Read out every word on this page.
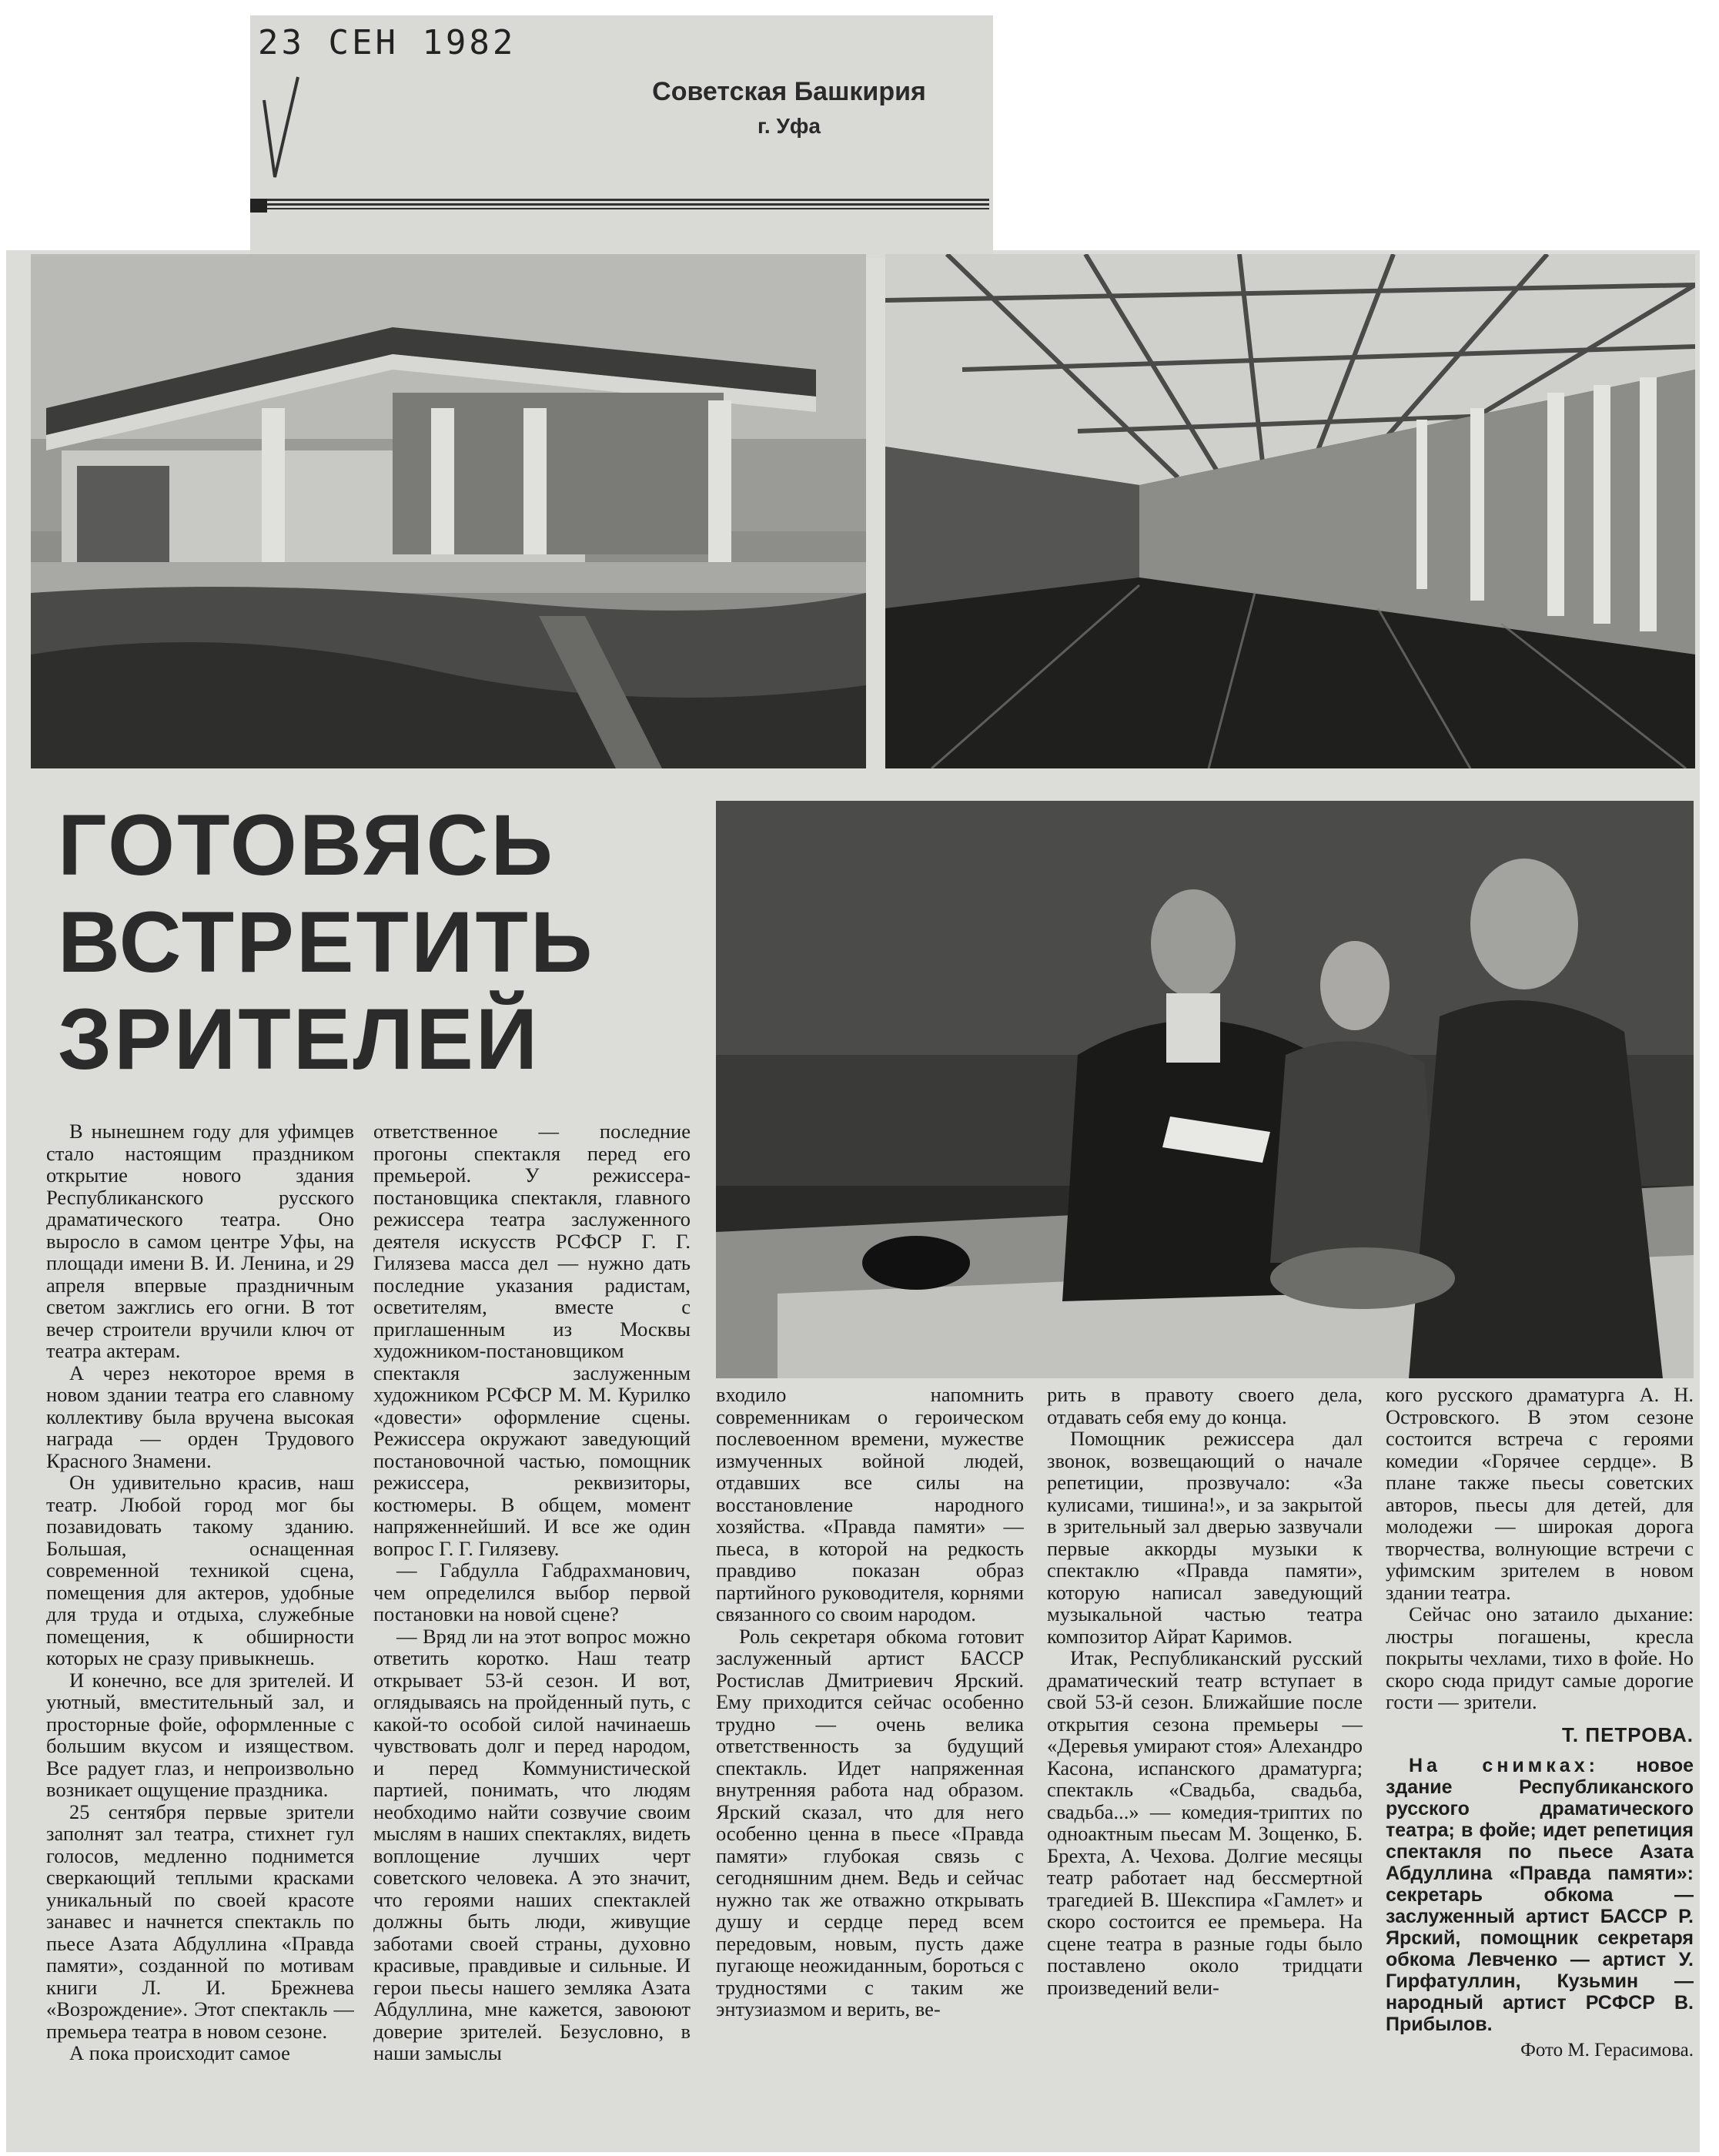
23 СЕН 1982
Советская Башкирия
г. Уфа
ГОТОВЯСЬ
ВСТРЕТИТЬ
ЗРИТЕЛЕЙ

В нынешнем году для уфимцев стало настоящим праздником открытие нового здания Республиканского русского драматического театра. Оно выросло в самом центре Уфы, на площади имени В. И. Ленина, и 29 апреля впервые праздничным светом зажглись его огни. В тот вечер строители вручили ключ от театра актерам.

А через некоторое время в новом здании театра его славному коллективу была вручена высокая награда — орден Трудового Красного Знамени.

Он удивительно красив, наш театр. Любой город мог бы позавидовать такому зданию. Большая, оснащенная современной техникой сцена, помещения для актеров, удобные для труда и отдыха, служебные помещения, к обширности которых не сразу привыкнешь.

И конечно, все для зрителей. И уютный, вместительный зал, и просторные фойе, оформленные с большим вкусом и изяществом. Все радует глаз, и непроизвольно возникает ощущение праздника.

25 сентября первые зрители заполнят зал театра, стихнет гул голосов, медленно поднимется сверкающий теплыми красками уникальный по своей красоте занавес и начнется спектакль по пьесе Азата Абдуллина «Правда памяти», созданной по мотивам книги Л. И. Брежнева «Возрождение». Этот спектакль — премьера театра в новом сезоне.

А пока происходит самое

ответственное — последние прогоны спектакля перед его премьерой. У режиссера-постановщика спектакля, главного режиссера театра заслуженного деятеля искусств РСФСР Г. Г. Гилязева масса дел — нужно дать последние указания радистам, осветителям, вместе с приглашенным из Москвы художником-постановщиком спектакля заслуженным художником РСФСР М. М. Курилко «довести» оформление сцены. Режиссера окружают заведующий постановочной частью, помощник режиссера, реквизиторы, костюмеры. В общем, момент напряженнейший. И все же один вопрос Г. Г. Гилязеву.

— Габдулла Габдрахманович, чем определился выбор первой постановки на новой сцене?

— Вряд ли на этот вопрос можно ответить коротко. Наш театр открывает 53-й сезон. И вот, оглядываясь на пройденный путь, с какой-то особой силой начинаешь чувствовать долг и перед народом, и перед Коммунистической партией, понимать, что людям необходимо найти созвучие своим мыслям в наших спектаклях, видеть воплощение лучших черт советского человека. А это значит, что героями наших спектаклей должны быть люди, живущие заботами своей страны, духовно красивые, правдивые и сильные. И герои пьесы нашего земляка Азата Абдуллина, мне кажется, завоюют доверие зрителей. Безусловно, в наши замыслы

входило напомнить современникам о героическом послевоенном времени, мужестве измученных войной людей, отдавших все силы на восстановление народного хозяйства. «Правда памяти» — пьеса, в которой на редкость правдиво показан образ партийного руководителя, корнями связанного со своим народом.

Роль секретаря обкома готовит заслуженный артист БАССР Ростислав Дмитриевич Ярский. Ему приходится сейчас особенно трудно — очень велика ответственность за будущий спектакль. Идет напряженная внутренняя работа над образом. Ярский сказал, что для него особенно ценна в пьесе «Правда памяти» глубокая связь с сегодняшним днем. Ведь и сейчас нужно так же отважно открывать душу и сердце перед всем передовым, новым, пусть даже пугающе неожиданным, бороться с трудностями с таким же энтузиазмом и верить, ве-

рить в правоту своего дела, отдавать себя ему до конца.

Помощник режиссера дал звонок, возвещающий о начале репетиции, прозвучало: «За кулисами, тишина!», и за закрытой в зрительный зал дверью зазвучали первые аккорды музыки к спектаклю «Правда памяти», которую написал заведующий музыкальной частью театра композитор Айрат Каримов.

Итак, Республиканский русский драматический театр вступает в свой 53-й сезон. Ближайшие после открытия сезона премьеры — «Деревья умирают стоя» Алехандро Касона, испанского драматурга; спектакль «Свадьба, свадьба, свадьба...» — комедия-триптих по одноактным пьесам М. Зощенко, Б. Брехта, А. Чехова. Долгие месяцы театр работает над бессмертной трагедией В. Шекспира «Гамлет» и скоро состоится ее премьера. На сцене театра в разные годы было поставлено около тридцати произведений вели-

кого русского драматурга А. Н. Островского. В этом сезоне состоится встреча с героями комедии «Горячее сердце». В плане также пьесы советских авторов, пьесы для детей, для молодежи — широкая дорога творчества, волнующие встречи с уфимским зрителем в новом здании театра.

Сейчас оно затаило дыхание: люстры погашены, кресла покрыты чехлами, тихо в фойе. Но скоро сюда придут самые дорогие гости — зрители.

Т. ПЕТРОВА.

На снимках: новое здание Республиканского русского драматического театра; в фойе; идет репетиция спектакля по пьесе Азата Абдуллина «Правда памяти»: секретарь обкома — заслуженный артист БАССР Р. Ярский, помощник секретаря обкома Левченко — артист У. Гирфатуллин, Кузьмин — народный артист РСФСР В. Прибылов.

Фото М. Герасимова.
